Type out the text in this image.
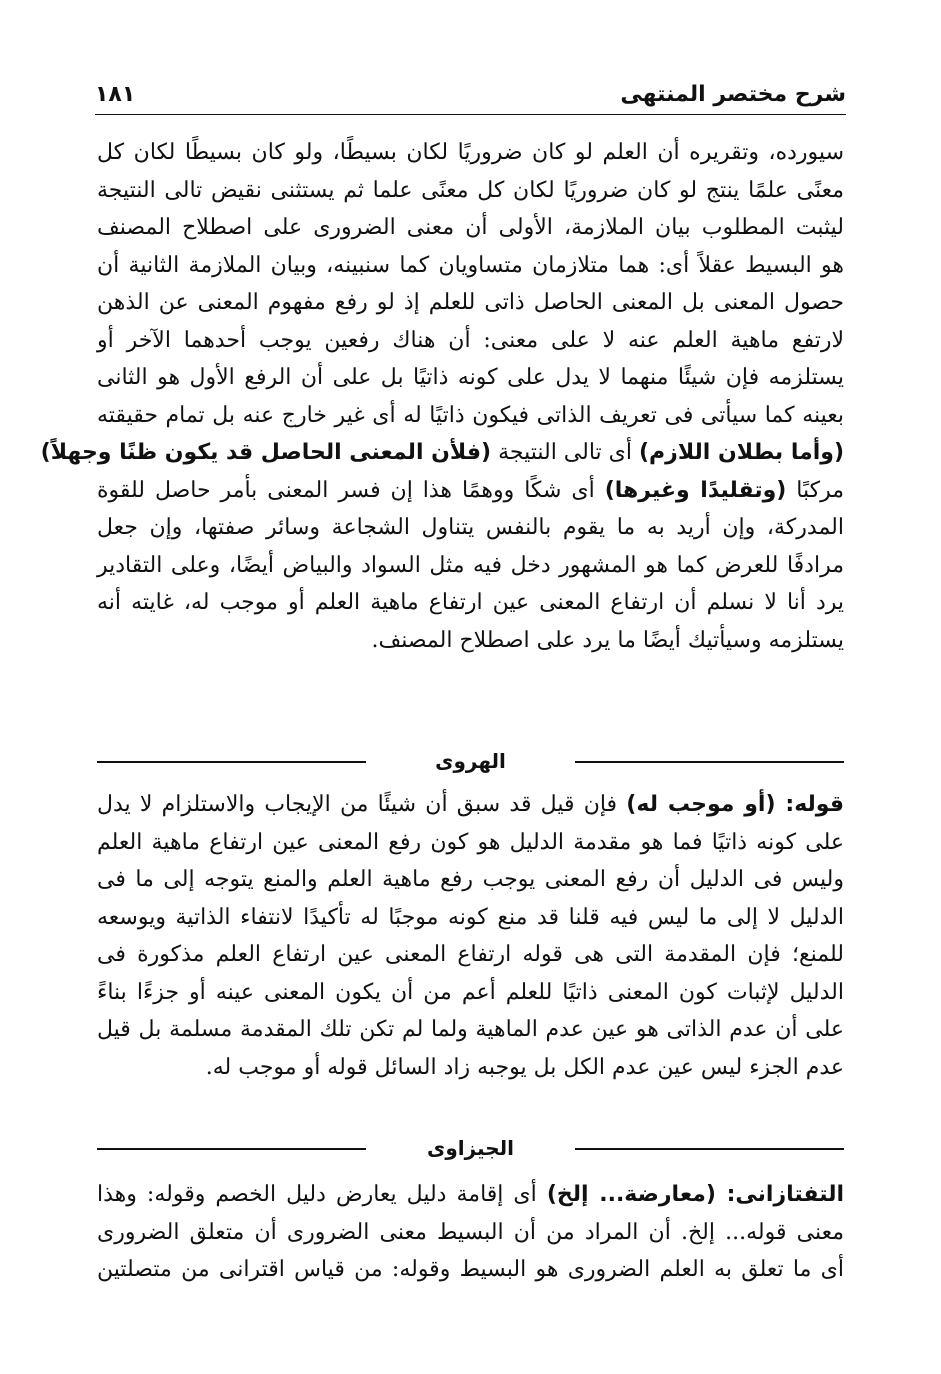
شرح مختصر المنتهى
١٨١
سيورده، وتقريره أن العلم لو كان ضروريًا لكان بسيطًا، ولو كان بسيطًا لكان كل
معنًى علمًا ينتج لو كان ضروريًا لكان كل معنًى علما ثم يستثنى نقيض تالى النتيجة
ليثبت المطلوب بيان الملازمة، الأولى أن معنى الضرورى على اصطلاح المصنف
هو البسيط عقلاً أى: هما متلازمان متساويان كما سنبينه، وبيان الملازمة الثانية أن
حصول المعنى بل المعنى الحاصل ذاتى للعلم إذ لو رفع مفهوم المعنى عن الذهن
لارتفع ماهية العلم عنه لا على معنى: أن هناك رفعين يوجب أحدهما الآخر أو
يستلزمه فإن شيئًا منهما لا يدل على كونه ذاتيًا بل على أن الرفع الأول هو الثانى
بعينه كما سيأتى فى تعريف الذاتى فيكون ذاتيًا له أى غير خارج عنه بل تمام حقيقته
(وأما بطلان اللازم) أى تالى النتيجة (فلأن المعنى الحاصل قد يكون ظنًا وجهلاً)
مركبًا (وتقليدًا وغيرها) أى شكًا ووهمًا هذا إن فسر المعنى بأمر حاصل للقوة
المدركة، وإن أريد به ما يقوم بالنفس يتناول الشجاعة وسائر صفتها، وإن جعل
مرادفًا للعرض كما هو المشهور دخل فيه مثل السواد والبياض أيضًا، وعلى التقادير
يرد أنا لا نسلم أن ارتفاع المعنى عين ارتفاع ماهية العلم أو موجب له، غايته أنه
يستلزمه وسيأتيك أيضًا ما يرد على اصطلاح المصنف.
الهروى
قوله: (أو موجب له) فإن قيل قد سبق أن شيئًا من الإيجاب والاستلزام لا يدل
على كونه ذاتيًا فما هو مقدمة الدليل هو كون رفع المعنى عين ارتفاع ماهية العلم
وليس فى الدليل أن رفع المعنى يوجب رفع ماهية العلم والمنع يتوجه إلى ما فى
الدليل لا إلى ما ليس فيه قلنا قد منع كونه موجبًا له تأكيدًا لانتفاء الذاتية ويوسعه
للمنع؛ فإن المقدمة التى هى قوله ارتفاع المعنى عين ارتفاع العلم مذكورة فى
الدليل لإثبات كون المعنى ذاتيًا للعلم أعم من أن يكون المعنى عينه أو جزءًا بناءً
على أن عدم الذاتى هو عين عدم الماهية ولما لم تكن تلك المقدمة مسلمة بل قيل
عدم الجزء ليس عين عدم الكل بل يوجبه زاد السائل قوله أو موجب له.
الجيزاوى
التفتازانى: (معارضة... إلخ) أى إقامة دليل يعارض دليل الخصم وقوله: وهذا
معنى قوله... إلخ. أن المراد من أن البسيط معنى الضرورى أن متعلق الضرورى
أى ما تعلق به العلم الضرورى هو البسيط وقوله: من قياس اقترانى من متصلتين
